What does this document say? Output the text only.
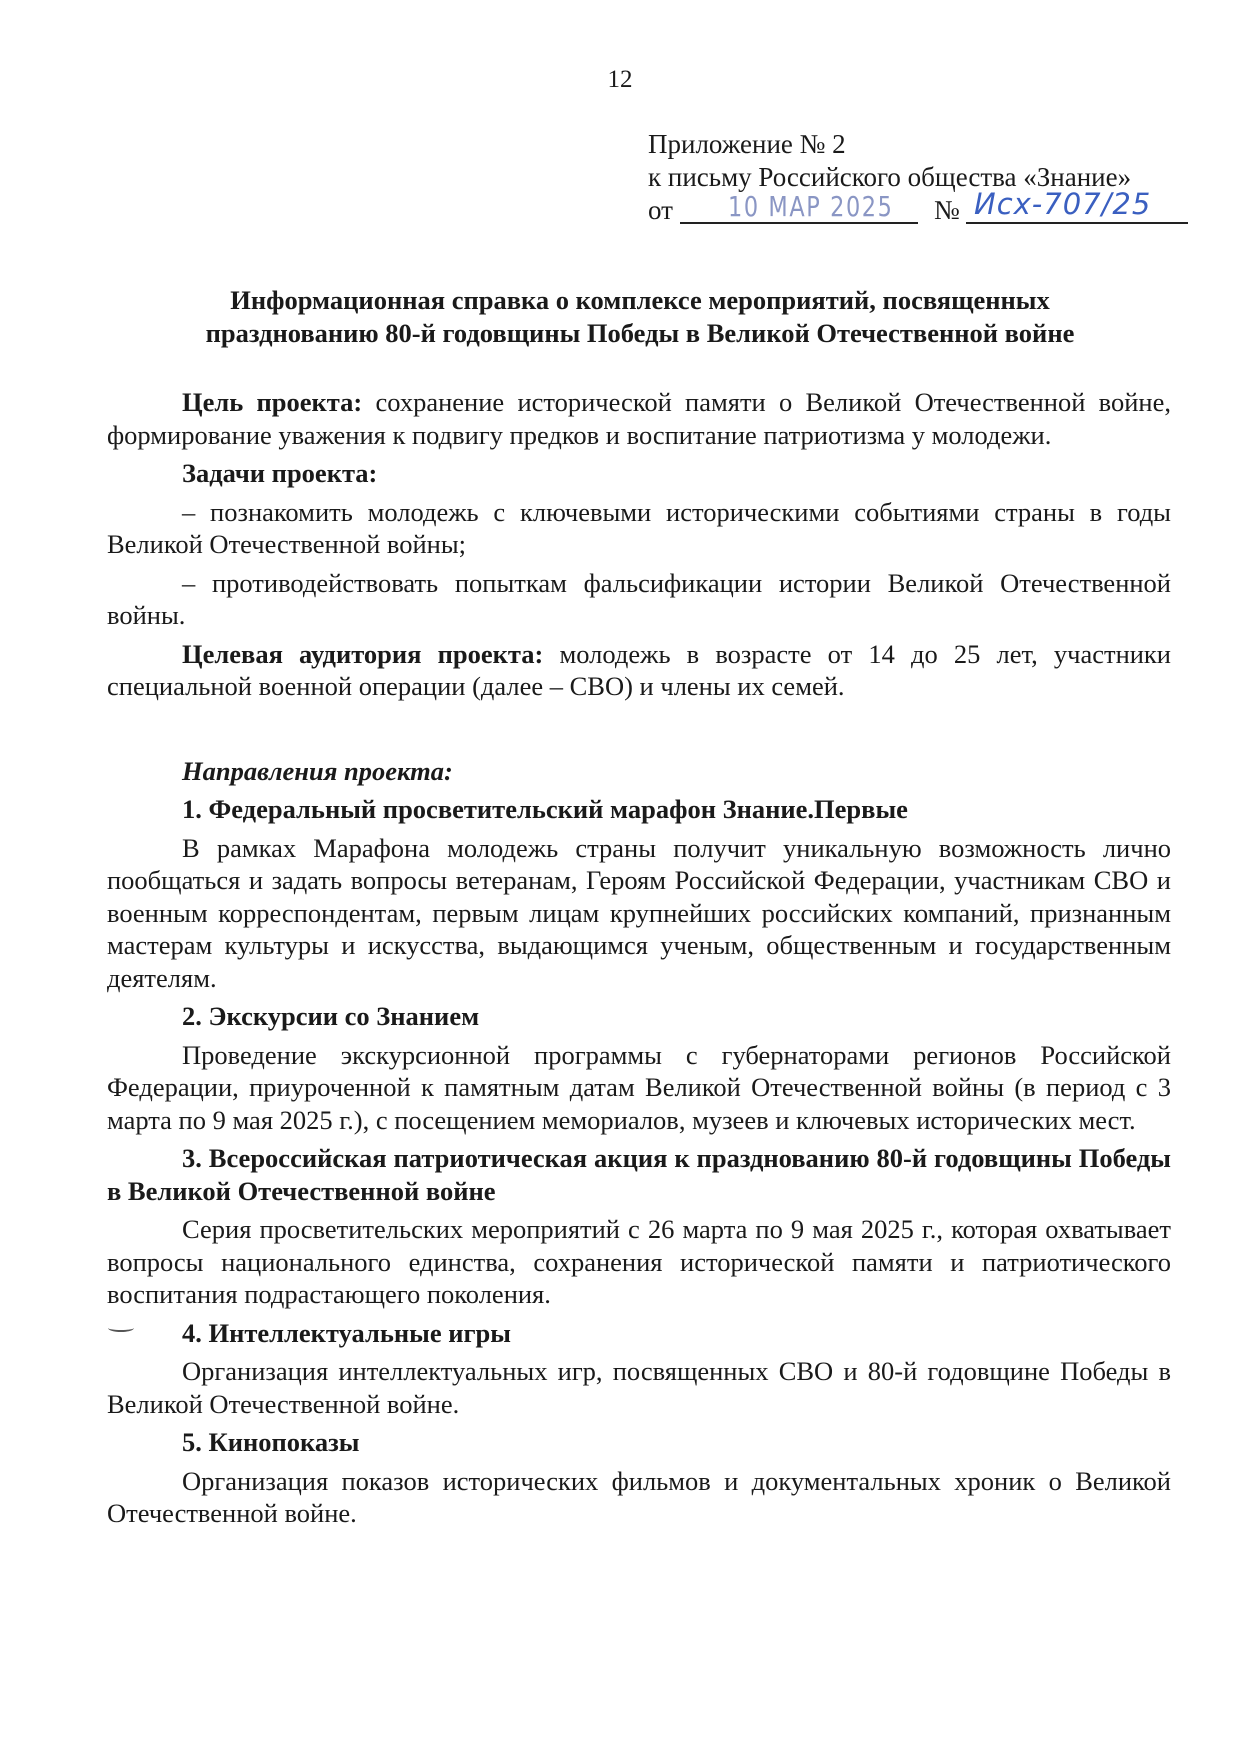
12
Приложение № 2
к письму Российского общества «Знание»
от 10 МАР 2025 № Исх-707/25
Информационная справка о комплексе мероприятий, посвященных
празднованию 80-й годовщины Победы в Великой Отечественной войне

Цель проекта: сохранение исторической памяти о Великой Отечественной войне, формирование уважения к подвигу предков и воспитание патриотизма у молодежи.

Задачи проекта:

– познакомить молодежь с ключевыми историческими событиями страны в годы Великой Отечественной войны;

– противодействовать попыткам фальсификации истории Великой Отечественной войны.

Целевая аудитория проекта: молодежь в возрасте от 14 до 25 лет, участники специальной военной операции (далее – СВО) и члены их семей.

Направления проекта:

1. Федеральный просветительский марафон Знание.Первые

В рамках Марафона молодежь страны получит уникальную возможность лично пообщаться и задать вопросы ветеранам, Героям Российской Федерации, участникам СВО и военным корреспондентам, первым лицам крупнейших российских компаний, признанным мастерам культуры и искусства, выдающимся ученым, общественным и государственным деятелям.

2. Экскурсии со Знанием

Проведение экскурсионной программы с губернаторами регионов Российской Федерации, приуроченной к памятным датам Великой Отечественной войны (в период с 3 марта по 9 мая 2025 г.), с посещением мемориалов, музеев и ключевых исторических мест.

3. Всероссийская патриотическая акция к празднованию 80-й годовщины Победы в Великой Отечественной войне

Серия просветительских мероприятий с 26 марта по 9 мая 2025 г., которая охватывает вопросы национального единства, сохранения исторической памяти и патриотического воспитания подрастающего поколения.

4. Интеллектуальные игры

Организация интеллектуальных игр, посвященных СВО и 80-й годовщине Победы в Великой Отечественной войне.

5. Кинопоказы

Организация показов исторических фильмов и документальных хроник о Великой Отечественной войне.
